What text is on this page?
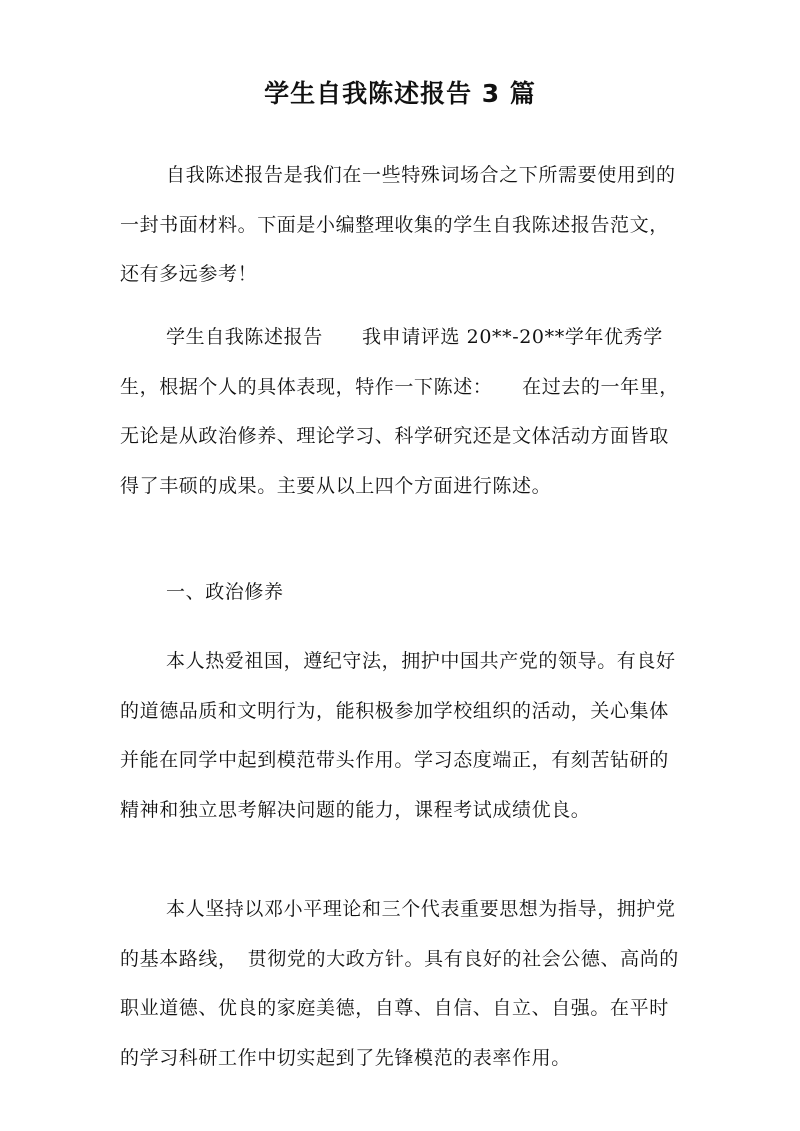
学生自我陈述报告 3 篇

自我陈述报告是我们在一些特殊词场合之下所需要使用到的一封书面材料。下面是小编整理收集的学生自我陈述报告范文，还有多远参考！

学生自我陈述报告　　我申请评选 20**-20**学年优秀学生，根据个人的具体表现，特作一下陈述：　　在过去的一年里，无论是从政治修养、理论学习、科学研究还是文体活动方面皆取得了丰硕的成果。主要从以上四个方面进行陈述。

一、政治修养

本人热爱祖国，遵纪守法，拥护中国共产党的领导。有良好的道德品质和文明行为，能积极参加学校组织的活动，关心集体并能在同学中起到模范带头作用。学习态度端正，有刻苦钻研的精神和独立思考解决问题的能力，课程考试成绩优良。

本人坚持以邓小平理论和三个代表重要思想为指导，拥护党的基本路线，　贯彻党的大政方针。具有良好的社会公德、高尚的职业道德、优良的家庭美德，自尊、自信、自立、自强。在平时的学习科研工作中切实起到了先锋模范的表率作用。
